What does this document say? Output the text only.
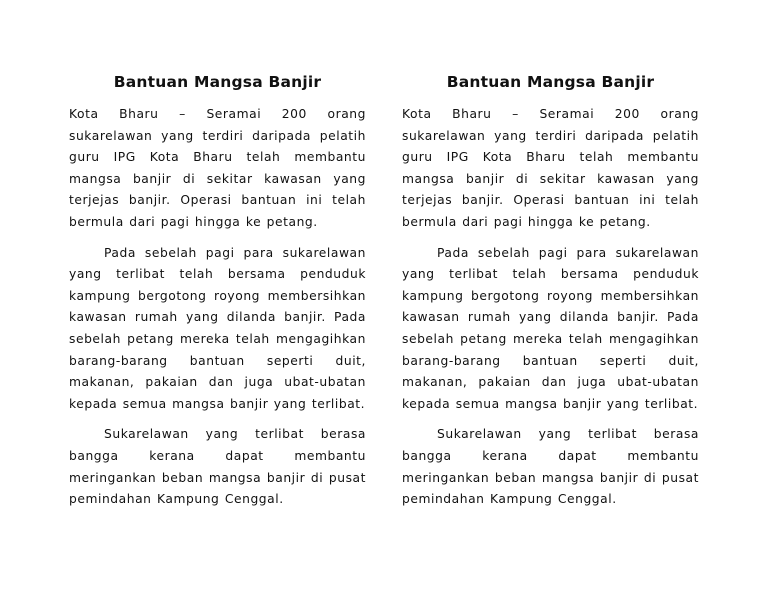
Bantuan Mangsa Banjir

Kota Bharu – Seramai 200 orang sukarelawan yang terdiri daripada pelatih guru IPG Kota Bharu telah membantu mangsa banjir di sekitar kawasan yang terjejas banjir. Operasi bantuan ini telah bermula dari pagi hingga ke petang.

Pada sebelah pagi para sukarelawan yang terlibat telah bersama penduduk kampung bergotong royong membersihkan kawasan rumah yang dilanda banjir. Pada sebelah petang mereka telah mengagihkan barang-barang bantuan seperti duit, makanan, pakaian dan juga ubat-ubatan kepada semua mangsa banjir yang terlibat.

Sukarelawan yang terlibat berasa bangga kerana dapat membantu meringankan beban mangsa banjir di pusat pemindahan Kampung Cenggal.

Bantuan Mangsa Banjir

Kota Bharu – Seramai 200 orang sukarelawan yang terdiri daripada pelatih guru IPG Kota Bharu telah membantu mangsa banjir di sekitar kawasan yang terjejas banjir. Operasi bantuan ini telah bermula dari pagi hingga ke petang.

Pada sebelah pagi para sukarelawan yang terlibat telah bersama penduduk kampung bergotong royong membersihkan kawasan rumah yang dilanda banjir. Pada sebelah petang mereka telah mengagihkan barang-barang bantuan seperti duit, makanan, pakaian dan juga ubat-ubatan kepada semua mangsa banjir yang terlibat.

Sukarelawan yang terlibat berasa bangga kerana dapat membantu meringankan beban mangsa banjir di pusat pemindahan Kampung Cenggal.
